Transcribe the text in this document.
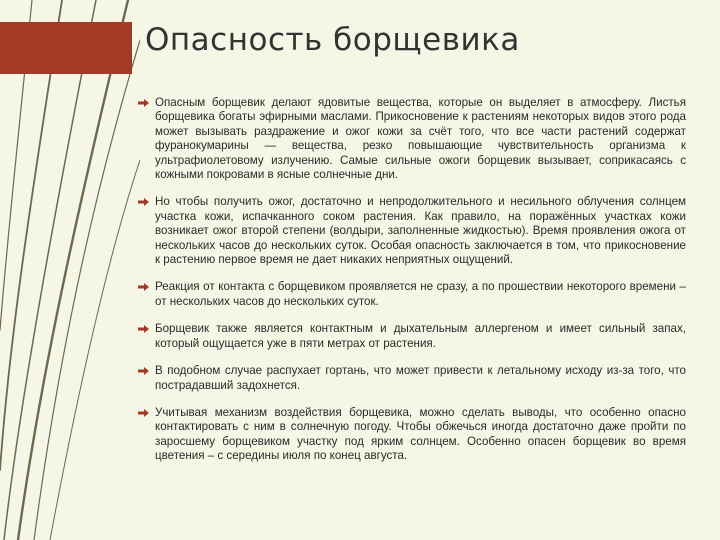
Опасность борщевика
Опасным борщевик делают ядовитые вещества, которые он выделяет в атмосферу. Листья борщевика богаты эфирными маслами. Прикосновение к растениям некоторых видов этого рода может вызывать раздражение и ожог кожи за счёт того, что все части растений содержат фуранокумарины — вещества, резко повышающие чувствительность организма к ультрафиолетовому излучению. Самые сильные ожоги борщевик вызывает, соприкасаясь с кожными покровами в ясные солнечные дни.
Но чтобы получить ожог, достаточно и непродолжительного и несильного облучения солнцем участка кожи, испачканного соком растения. Как правило, на поражённых участках кожи возникает ожог второй степени (волдыри, заполненные жидкостью). Время проявления ожога от нескольких часов до нескольких суток. Особая опасность заключается в том, что прикосновение к растению первое время не дает никаких неприятных ощущений.
Реакция от контакта с борщевиком проявляется не сразу, а по прошествии некоторого времени – от нескольких часов до нескольких суток.
Борщевик также является контактным и дыхательным аллергеном и имеет сильный запах, который ощущается уже в пяти метрах от растения.
В подобном случае распухает гортань, что может привести к летальному исходу из-за того, что пострадавший задохнется.
Учитывая механизм воздействия борщевика, можно сделать выводы, что особенно опасно контактировать с ним в солнечную погоду. Чтобы обжечься иногда достаточно даже пройти по заросшему борщевиком участку под ярким солнцем. Особенно опасен борщевик во время цветения – с середины июля по конец августа.
